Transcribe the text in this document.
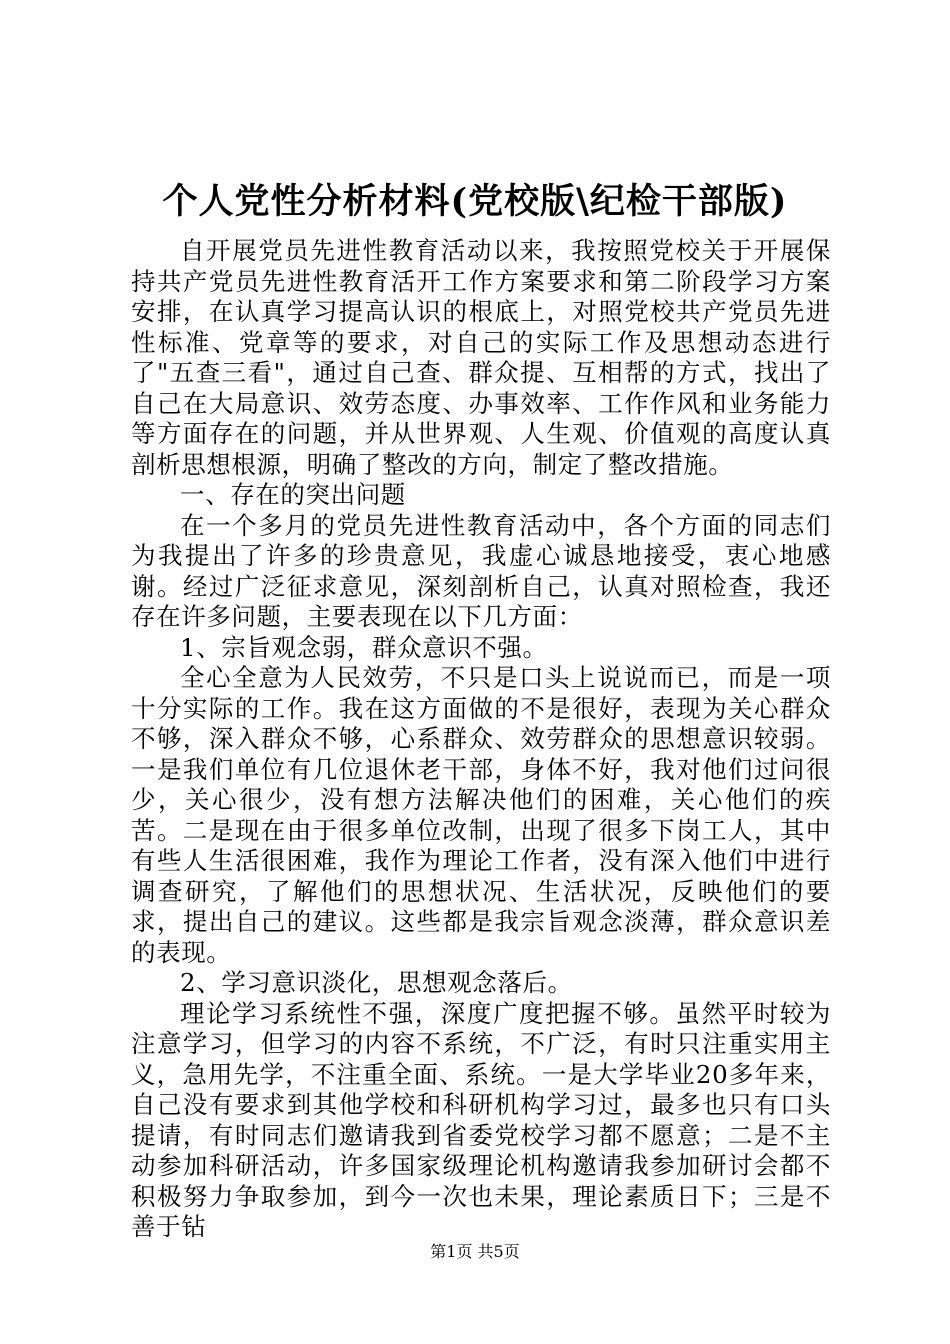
个人党性分析材料(党校版\纪检干部版)

自开展党员先进性教育活动以来，我按照党校关于开展保持共产党员先进性教育活开工作方案要求和第二阶段学习方案安排，在认真学习提高认识的根底上，对照党校共产党员先进性标准、党章等的要求，对自己的实际工作及思想动态进行了"五查三看"，通过自己查、群众提、互相帮的方式，找出了自己在大局意识、效劳态度、办事效率、工作作风和业务能力等方面存在的问题，并从世界观、人生观、价值观的高度认真剖析思想根源，明确了整改的方向，制定了整改措施。

一、存在的突出问题

在一个多月的党员先进性教育活动中，各个方面的同志们为我提出了许多的珍贵意见，我虚心诚恳地接受，衷心地感谢。经过广泛征求意见，深刻剖析自己，认真对照检查，我还存在许多问题，主要表现在以下几方面：

1、宗旨观念弱，群众意识不强。

全心全意为人民效劳，不只是口头上说说而已，而是一项十分实际的工作。我在这方面做的不是很好，表现为关心群众不够，深入群众不够，心系群众、效劳群众的思想意识较弱。一是我们单位有几位退休老干部，身体不好，我对他们过问很少，关心很少，没有想方法解决他们的困难，关心他们的疾苦。二是现在由于很多单位改制，出现了很多下岗工人，其中有些人生活很困难，我作为理论工作者，没有深入他们中进行调查研究，了解他们的思想状况、生活状况，反映他们的要求，提出自己的建议。这些都是我宗旨观念淡薄，群众意识差的表现。

2、学习意识淡化，思想观念落后。

理论学习系统性不强，深度广度把握不够。虽然平时较为注意学习，但学习的内容不系统，不广泛，有时只注重实用主义，急用先学，不注重全面、系统。一是大学毕业20多年来，自己没有要求到其他学校和科研机构学习过，最多也只有口头提请，有时同志们邀请我到省委党校学习都不愿意；二是不主动参加科研活动，许多国家级理论机构邀请我参加研讨会都不积极努力争取参加，到今一次也未果，理论素质日下；三是不善于钻

第1页 共5页
